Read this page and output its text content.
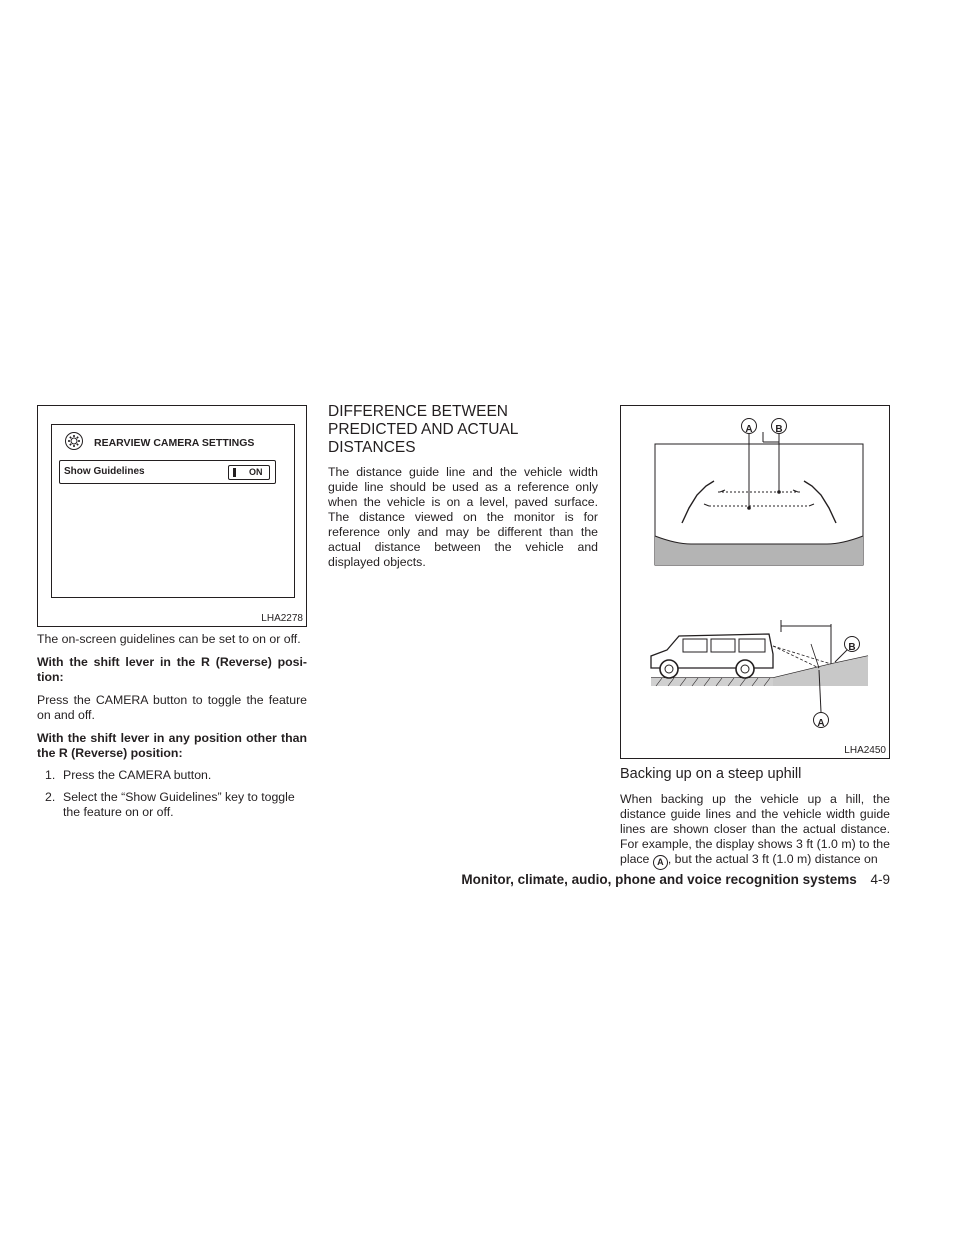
REARVIEW CAMERA SETTINGS
Show Guidelines	ON
LHA2278

The on-screen guidelines can be set to on or off.

With the shift lever in the R (Reverse) posi-tion:

Press the CAMERA button to toggle the feature on and off.

With the shift lever in any position other than the R (Reverse) position:

1. Press the CAMERA button.
2. Select the “Show Guidelines” key to toggle the feature on or off.
DIFFERENCE BETWEEN PREDICTED AND ACTUAL DISTANCES

The distance guide line and the vehicle width guide line should be used as a reference only when the vehicle is on a level, paved surface. The distance viewed on the monitor is for reference only and may be different than the actual distance between the vehicle and displayed objects.

A B
B
A
LHA2450
Backing up on a steep uphill

When backing up the vehicle up a hill, the distance guide lines and the vehicle width guide lines are shown closer than the actual distance. For example, the display shows 3 ft (1.0 m) to the place A , but the actual 3 ft (1.0 m) distance on

Monitor, climate, audio, phone and voice recognition systems 4-9
